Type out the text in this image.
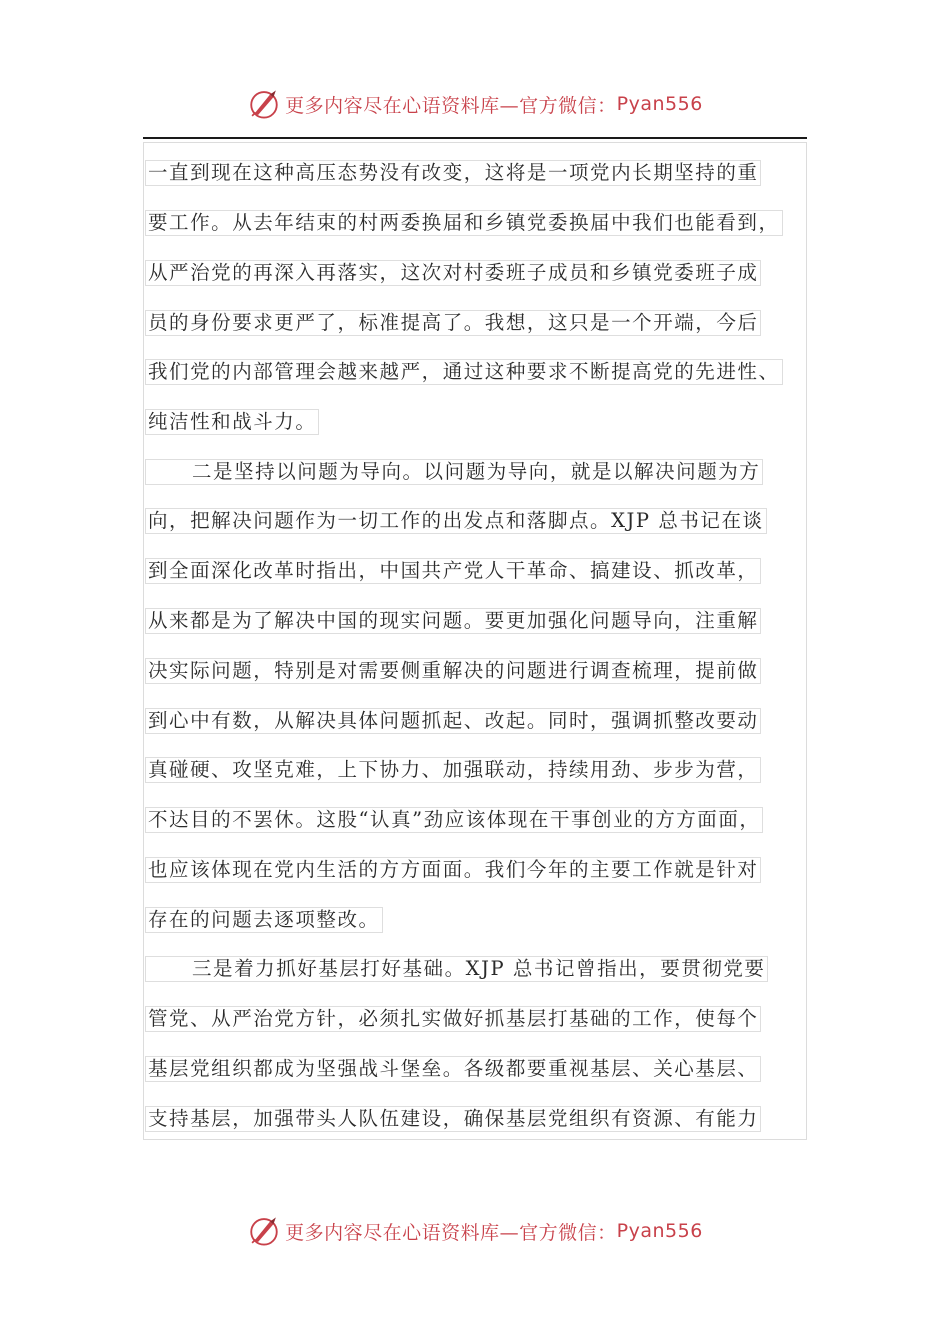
更多内容尽在心语资料库—官方微信： Pyan556
一直到现在这种高压态势没有改变，这将是一项党内长期坚持的重
要工作。从去年结束的村两委换届和乡镇党委换届中我们也能看到，
从严治党的再深入再落实，这次对村委班子成员和乡镇党委班子成
员的身份要求更严了，标准提高了。我想，这只是一个开端，今后
我们党的内部管理会越来越严，通过这种要求不断提高党的先进性、
纯洁性和战斗力。
二是坚持以问题为导向。以问题为导向，就是以解决问题为方
向，把解决问题作为一切工作的出发点和落脚点。XJP 总书记在谈
到全面深化改革时指出，中国共产党人干革命、搞建设、抓改革，
从来都是为了解决中国的现实问题。要更加强化问题导向，注重解
决实际问题，特别是对需要侧重解决的问题进行调查梳理，提前做
到心中有数，从解决具体问题抓起、改起。同时，强调抓整改要动
真碰硬、攻坚克难，上下协力、加强联动，持续用劲、步步为营，
不达目的不罢休。这股“认真”劲应该体现在干事创业的方方面面，
也应该体现在党内生活的方方面面。我们今年的主要工作就是针对
存在的问题去逐项整改。
三是着力抓好基层打好基础。XJP 总书记曾指出，要贯彻党要
管党、从严治党方针，必须扎实做好抓基层打基础的工作，使每个
基层党组织都成为坚强战斗堡垒。各级都要重视基层、关心基层、
支持基层，加强带头人队伍建设，确保基层党组织有资源、有能力
更多内容尽在心语资料库—官方微信： Pyan556
